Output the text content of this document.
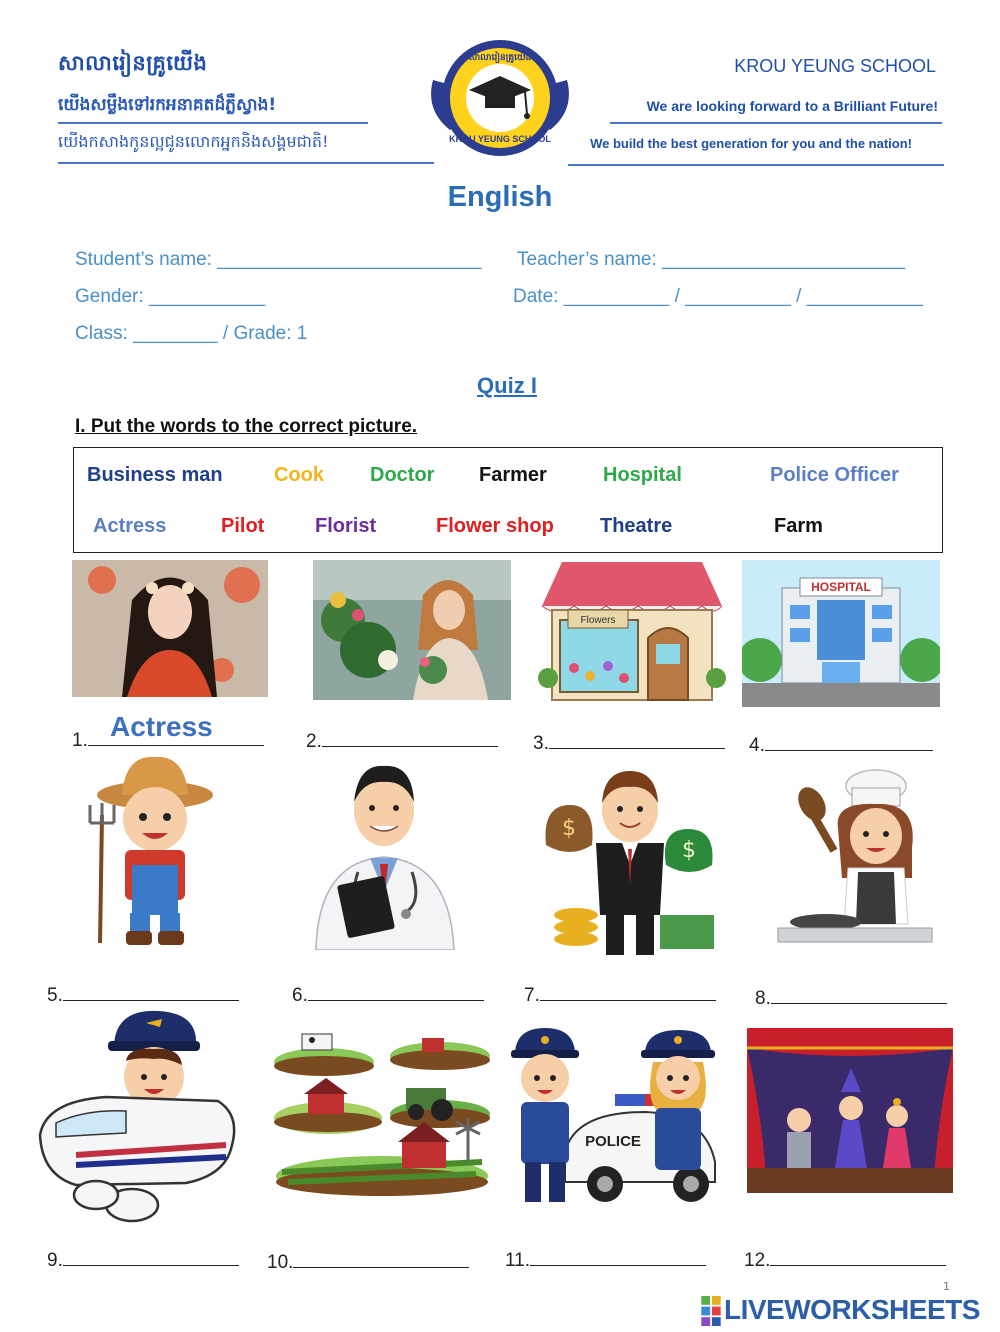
សាលារៀនគ្រូយើង
យើងសម្លឹងទៅរកអនាគតដ៏ភ្លឺស្វាង!
យើងកសាងកូនល្អជូនលោកអ្នកនិងសង្គមជាតិ!
សាលារៀនគ្រូយើង
KROU YEUNG SCHOOL
KROU YEUNG SCHOOL
We are looking forward to a Brilliant Future!
We build the best generation for you and the nation!
English
Student’s name: _________________________ Teacher’s name: _______________________
Gender: ___________	Date: __________ / __________ / ___________
Class: ________ / Grade: 1
Quiz I
I. Put the words to the correct picture.
Business man	Cook Doctor Farmer	Hospital	Police Officer
Actress	Pilot	Florist	Flower shop Theatre	Farm
Flowers
HOSPITAL
1. Actress	2.	3.	4.
$
$
5.	6.	7.	8.
POLICE
9.	10.	11.	12.
1
LIVEWORKSHEETS
